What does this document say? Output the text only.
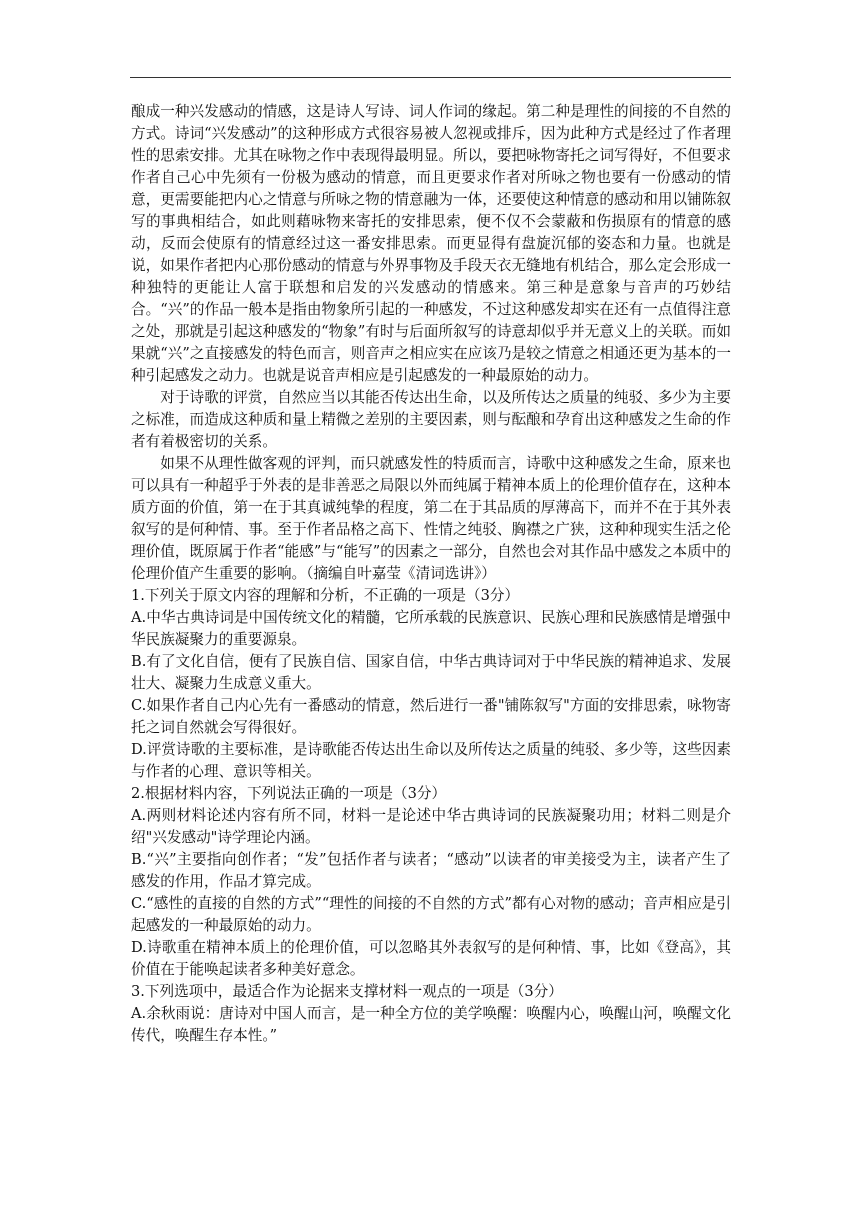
酿成一种兴发感动的情感，这是诗人写诗、词人作词的缘起。第二种是理性的间接的不自然的方式。诗词“兴发感动”的这种形成方式很容易被人忽视或排斥，因为此种方式是经过了作者理性的思索安排。尤其在咏物之作中表现得最明显。所以，要把咏物寄托之词写得好，不但要求作者自己心中先须有一份极为感动的情意，而且更要求作者对所咏之物也要有一份感动的情意，更需要能把内心之情意与所咏之物的情意融为一体，还要使这种情意的感动和用以铺陈叙写的事典相结合，如此则藉咏物来寄托的安排思索，便不仅不会蒙蔽和伤损原有的情意的感动，反而会使原有的情意经过这一番安排思索。而更显得有盘旋沉郁的姿态和力量。也就是说，如果作者把内心那份感动的情意与外界事物及手段天衣无缝地有机结合，那么定会形成一种独特的更能让人富于联想和启发的兴发感动的情感来。第三种是意象与音声的巧妙结合。“兴”的作品一般本是指由物象所引起的一种感发，不过这种感发却实在还有一点值得注意之处，那就是引起这种感发的“物象”有时与后面所叙写的诗意却似乎并无意义上的关联。而如果就“兴”之直接感发的特色而言，则音声之相应实在应该乃是较之情意之相通还更为基本的一种引起感发之动力。也就是说音声相应是引起感发的一种最原始的动力。

对于诗歌的评赏，自然应当以其能否传达出生命，以及所传达之质量的纯驳、多少为主要之标准，而造成这种质和量上精微之差别的主要因素，则与酝酿和孕育出这种感发之生命的作者有着极密切的关系。

如果不从理性做客观的评判，而只就感发性的特质而言，诗歌中这种感发之生命，原来也可以具有一种超乎于外表的是非善恶之局限以外而纯属于精神本质上的伦理价值存在，这种本质方面的价值，第一在于其真诚纯挚的程度，第二在于其品质的厚薄高下，而并不在于其外表叙写的是何种情、事。至于作者品格之高下、性情之纯驳、胸襟之广狭，这种种现实生活之伦理价值，既原属于作者“能感”与“能写”的因素之一部分，自然也会对其作品中感发之本质中的伦理价值产生重要的影响。（摘编自叶嘉莹《清词选讲》）

1.下列关于原文内容的理解和分析，不正确的一项是（3分）

A.中华古典诗词是中国传统文化的精髓，它所承载的民族意识、民族心理和民族感情是增强中华民族凝聚力的重要源泉。

B.有了文化自信，便有了民族自信、国家自信，中华古典诗词对于中华民族的精神追求、发展壮大、凝聚力生成意义重大。

C.如果作者自己内心先有一番感动的情意，然后进行一番"铺陈叙写"方面的安排思索，咏物寄托之词自然就会写得很好。

D.评赏诗歌的主要标准，是诗歌能否传达出生命以及所传达之质量的纯驳、多少等，这些因素与作者的心理、意识等相关。

2.根据材料内容，下列说法正确的一项是（3分）

A.两则材料论述内容有所不同，材料一是论述中华古典诗词的民族凝聚功用；材料二则是介绍"兴发感动"诗学理论内涵。

B.“兴”主要指向创作者；“发”包括作者与读者；“感动”以读者的审美接受为主，读者产生了感发的作用，作品才算完成。

C.“感性的直接的自然的方式”“理性的间接的不自然的方式”都有心对物的感动；音声相应是引起感发的一种最原始的动力。

D.诗歌重在精神本质上的伦理价值，可以忽略其外表叙写的是何种情、事，比如《登高》，其价值在于能唤起读者多种美好意念。

3.下列选项中，最适合作为论据来支撑材料一观点的一项是（3分）

A.余秋雨说：唐诗对中国人而言，是一种全方位的美学唤醒：唤醒内心，唤醒山河，唤醒文化传代，唤醒生存本性。”
